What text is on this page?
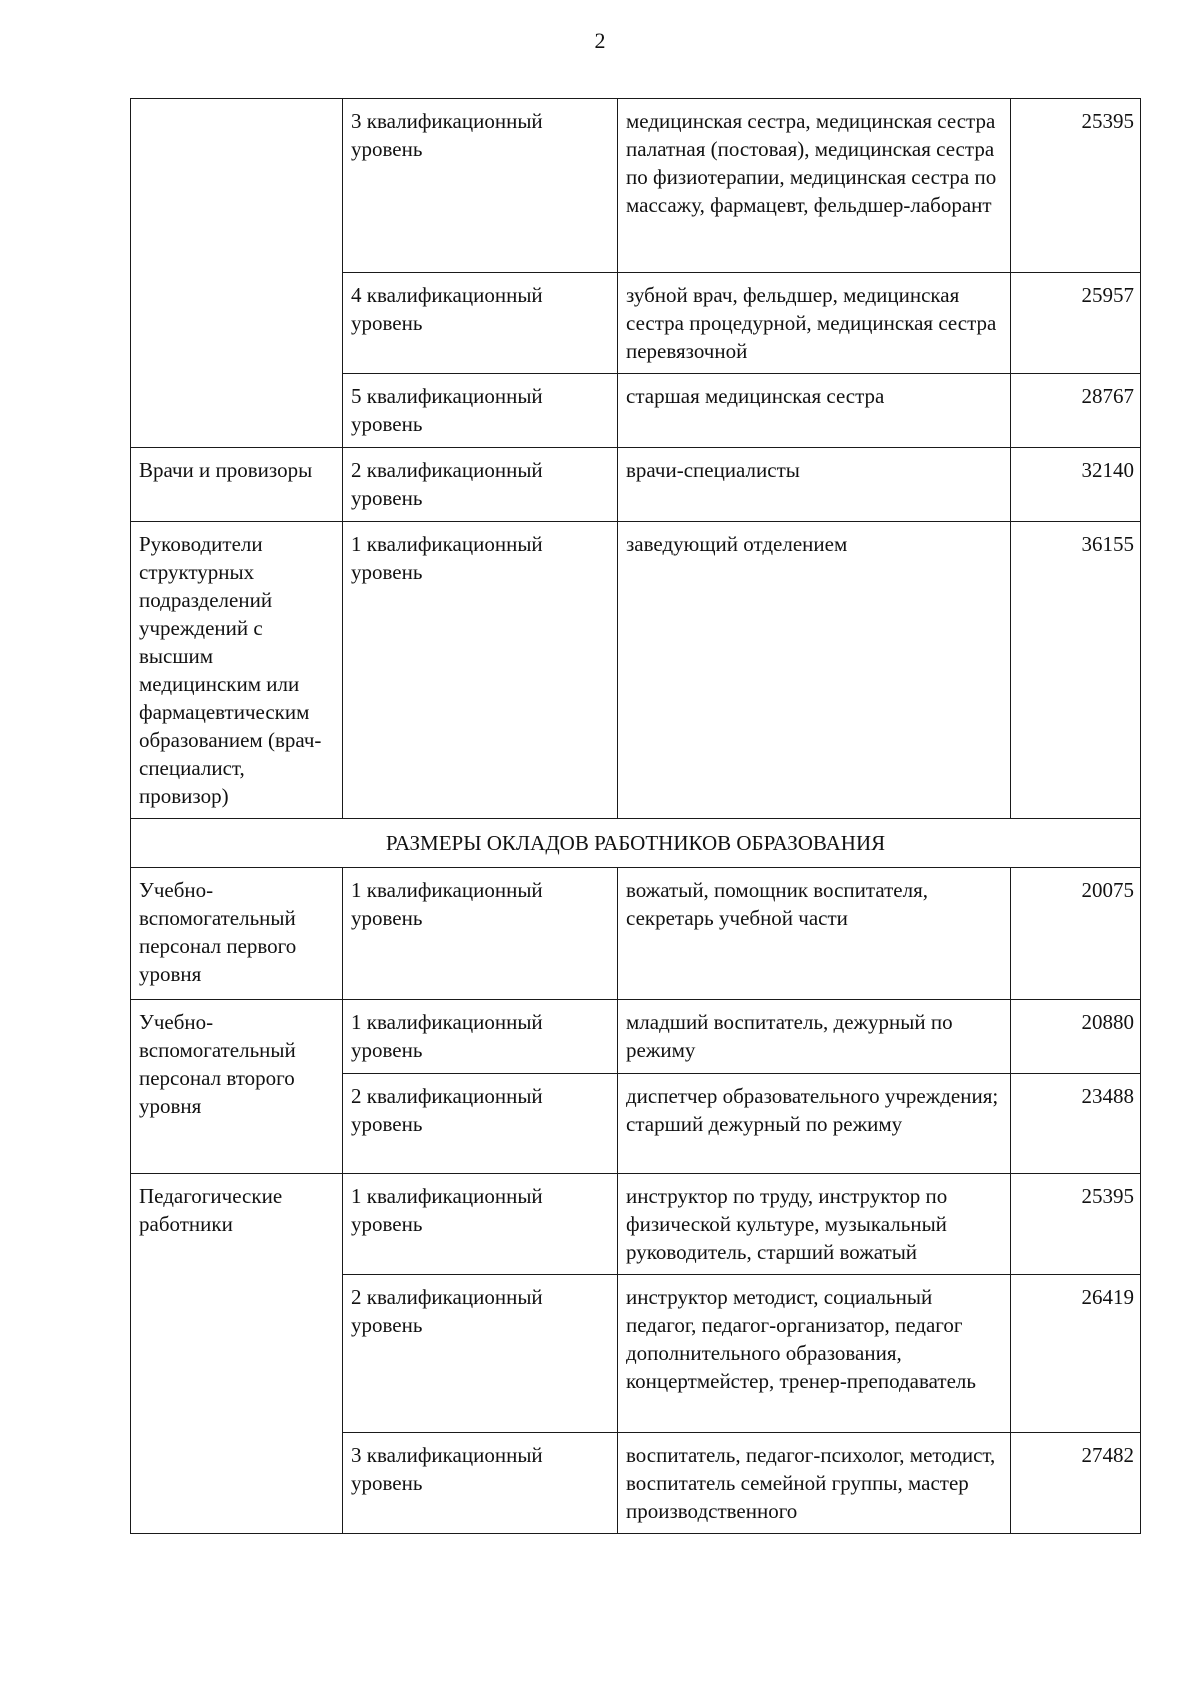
2
	3 квалификационный уровень	медицинская сестра, медицинская сестра палатная (постовая), медицинская сестра по физиотерапии, медицинская сестра по массажу, фармацевт, фельдшер-лаборант	25395
	4 квалификационный уровень	зубной врач, фельдшер, медицинская сестра процедурной, медицинская сестра перевязочной	25957
	5 квалификационный уровень	старшая медицинская сестра	28767
Врачи и провизоры	2 квалификационный уровень	врачи-специалисты	32140
Руководители структурных подразделений учреждений с высшим медицинским или фармацевтическим образованием (врач-специалист, провизор)	1 квалификационный уровень	заведующий отделением	36155
РАЗМЕРЫ ОКЛАДОВ РАБОТНИКОВ ОБРАЗОВАНИЯ			
Учебно-вспомогательный персонал первого уровня	1 квалификационный уровень	вожатый, помощник воспитателя, секретарь учебной части	20075
Учебно-вспомогательный персонал второго уровня	1 квалификационный уровень	младший воспитатель, дежурный по режиму	20880
	2 квалификационный уровень	диспетчер образовательного учреждения; старший дежурный по режиму	23488
Педагогические работники	1 квалификационный уровень	инструктор по труду, инструктор по физической культуре, музыкальный руководитель, старший вожатый	25395
	2 квалификационный уровень	инструктор методист, социальный педагог, педагог-организатор, педагог дополнительного образования, концертмейстер, тренер-преподаватель	26419
	3 квалификационный уровень	воспитатель, педагог-психолог, методист, воспитатель семейной группы, мастер производственного	27482
